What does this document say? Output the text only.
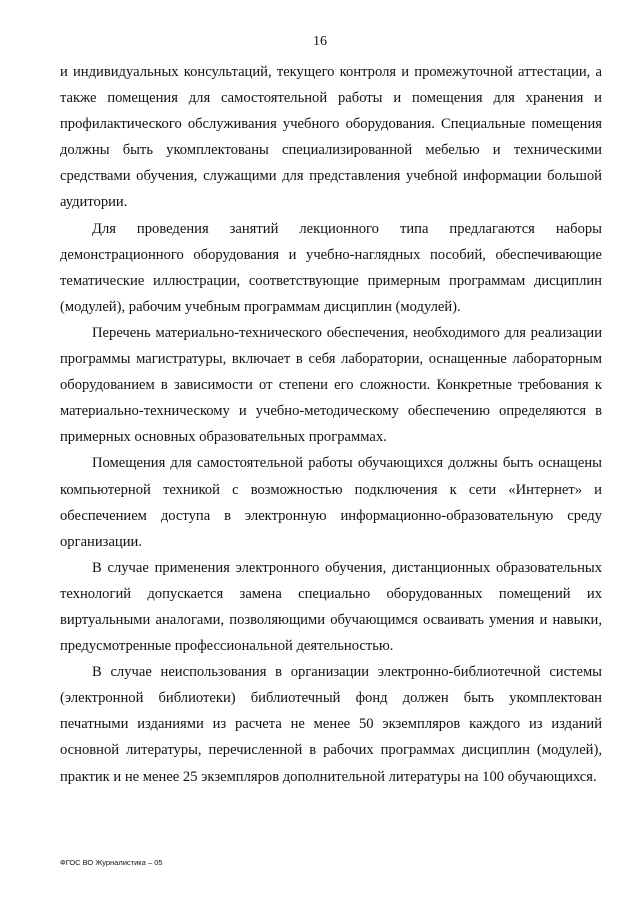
16

и индивидуальных консультаций, текущего контроля и промежуточной аттестации, а также помещения для самостоятельной работы и помещения для хранения и профилактического обслуживания учебного оборудования. Специальные помещения должны быть укомплектованы специализированной мебелью и техническими средствами обучения, служащими для представления учебной информации большой аудитории.

Для проведения занятий лекционного типа предлагаются наборы демонстрационного оборудования и учебно-наглядных пособий, обеспечивающие тематические иллюстрации, соответствующие примерным программам дисциплин (модулей), рабочим учебным программам дисциплин (модулей).

Перечень материально-технического обеспечения, необходимого для реализации программы магистратуры, включает в себя лаборатории, оснащенные лабораторным оборудованием в зависимости от степени его сложности. Конкретные требования к материально-техническому и учебно-методическому обеспечению определяются в примерных основных образовательных программах.

Помещения для самостоятельной работы обучающихся должны быть оснащены компьютерной техникой с возможностью подключения к сети «Интернет» и обеспечением доступа в электронную информационно-образовательную среду организации.

В случае применения электронного обучения, дистанционных образовательных технологий допускается замена специально оборудованных помещений их виртуальными аналогами, позволяющими обучающимся осваивать умения и навыки, предусмотренные профессиональной деятельностью.

В случае неиспользования в организации электронно-библиотечной системы (электронной библиотеки) библиотечный фонд должен быть укомплектован печатными изданиями из расчета не менее 50 экземпляров каждого из изданий основной литературы, перечисленной в рабочих программах дисциплин (модулей), практик и не менее 25 экземпляров дополнительной литературы на 100 обучающихся.

ФГОС ВО Журналистика – 05
